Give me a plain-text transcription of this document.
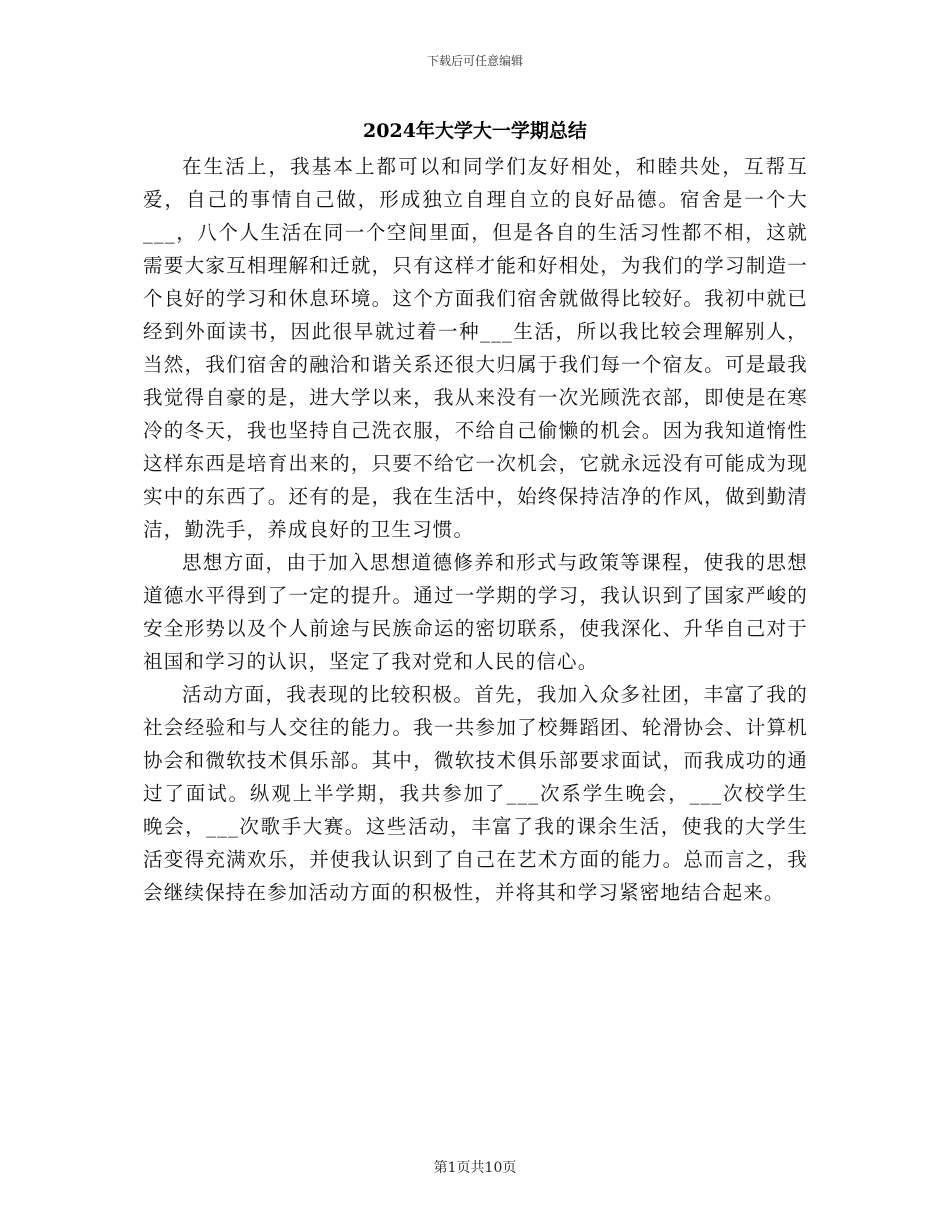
下载后可任意编辑
2024年大学大一学期总结

在生活上，我基本上都可以和同学们友好相处，和睦共处，互帮互爱，自己的事情自己做，形成独立自理自立的良好品德。宿舍是一个大___，八个人生活在同一个空间里面，但是各自的生活习性都不相，这就需要大家互相理解和迁就，只有这样才能和好相处，为我们的学习制造一个良好的学习和休息环境。这个方面我们宿舍就做得比较好。我初中就已经到外面读书，因此很早就过着一种___生活，所以我比较会理解别人，当然，我们宿舍的融洽和谐关系还很大归属于我们每一个宿友。可是最我我觉得自豪的是，进大学以来，我从来没有一次光顾洗衣部，即使是在寒冷的冬天，我也坚持自己洗衣服，不给自己偷懒的机会。因为我知道惰性这样东西是培育出来的，只要不给它一次机会，它就永远没有可能成为现实中的东西了。还有的是，我在生活中，始终保持洁净的作风，做到勤清洁，勤洗手，养成良好的卫生习惯。

思想方面，由于加入思想道德修养和形式与政策等课程，使我的思想道德水平得到了一定的提升。通过一学期的学习，我认识到了国家严峻的安全形势以及个人前途与民族命运的密切联系，使我深化、升华自己对于祖国和学习的认识，坚定了我对党和人民的信心。

活动方面，我表现的比较积极。首先，我加入众多社团，丰富了我的社会经验和与人交往的能力。我一共参加了校舞蹈团、轮滑协会、计算机协会和微软技术俱乐部。其中，微软技术俱乐部要求面试，而我成功的通过了面试。纵观上半学期，我共参加了___次系学生晚会，___次校学生晚会，___次歌手大赛。这些活动，丰富了我的课余生活，使我的大学生活变得充满欢乐，并使我认识到了自己在艺术方面的能力。总而言之，我会继续保持在参加活动方面的积极性，并将其和学习紧密地结合起来。

第1页共10页
